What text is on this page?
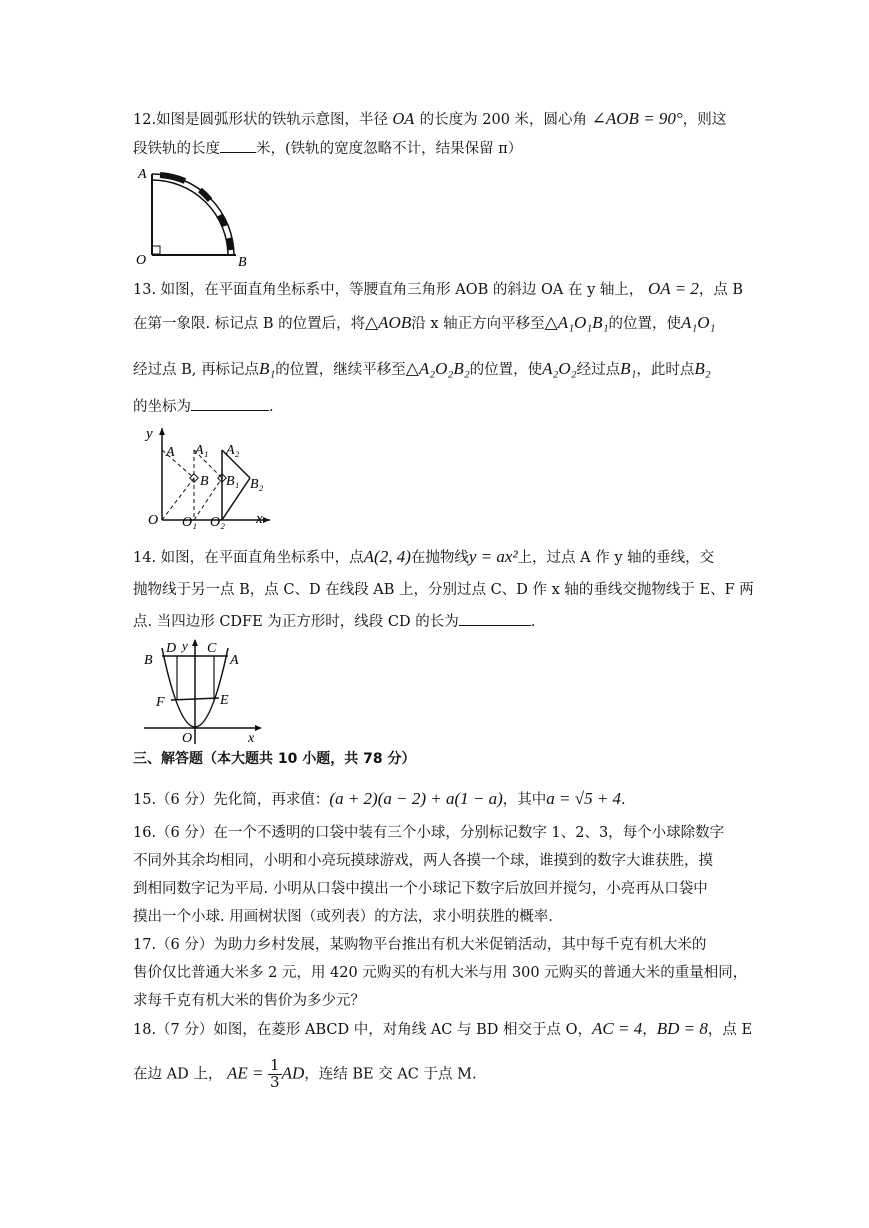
12.如图是圆弧形状的铁轨示意图，半径 OA 的长度为 200 米，圆心角 ∠AOB = 90°，则这
段铁轨的长度 米，(铁轨的宽度忽略不计，结果保留 π）
A
O	B
13. 如图，在平面直角坐标系中，等腰直角三角形 AOB 的斜边 OA 在 y 轴上， OA = 2，点 B
在第一象限. 标记点 B 的位置后，将△AOB沿 x 轴正方向平移至△A₁O₁B₁的位置，使A₁O₁
经过点 B, 再标记点B₁的位置，继续平移至△A₂O₂B₂的位置，使A₂O₂经过点B₁，此时点B₂
的坐标为	.
y
x
A A₁ A₂
B B₁ B₂
O O₁ O₂
14. 如图，在平面直角坐标系中，点A(2, 4)在抛物线y = ax²上，过点 A 作 y 轴的垂线，交
抛物线于另一点 B，点 C、D 在线段 AB 上，分别过点 C、D 作 x 轴的垂线交抛物线于 E、F 两
点. 当四边形 CDFE 为正方形时，线段 CD 的长为	.
B
D y C
A
F	E
O	x
三、解答题（本大题共 10 小题，共 78 分）
15.（6 分）先化简，再求值：(a + 2)(a − 2) + a(1 − a)，其中a = √5 + 4.
16.（6 分）在一个不透明的口袋中装有三个小球，分别标记数字 1、2、3，每个小球除数字
不同外其余均相同，小明和小亮玩摸球游戏，两人各摸一个球，谁摸到的数字大谁获胜，摸
到相同数字记为平局. 小明从口袋中摸出一个小球记下数字后放回并搅匀，小亮再从口袋中
摸出一个小球. 用画树状图（或列表）的方法，求小明获胜的概率.
17.（6 分）为助力乡村发展，某购物平台推出有机大米促销活动，其中每千克有机大米的
售价仅比普通大米多 2 元，用 420 元购买的有机大米与用 300 元购买的普通大米的重量相同，
求每千克有机大米的售价为多少元？
18.（7 分）如图，在菱形 ABCD 中，对角线 AC 与 BD 相交于点 O，AC = 4，BD = 8，点 E
在边 AD 上， AE = $\frac{1}{3}$ AD，连结 BE 交 AC 于点 M.
